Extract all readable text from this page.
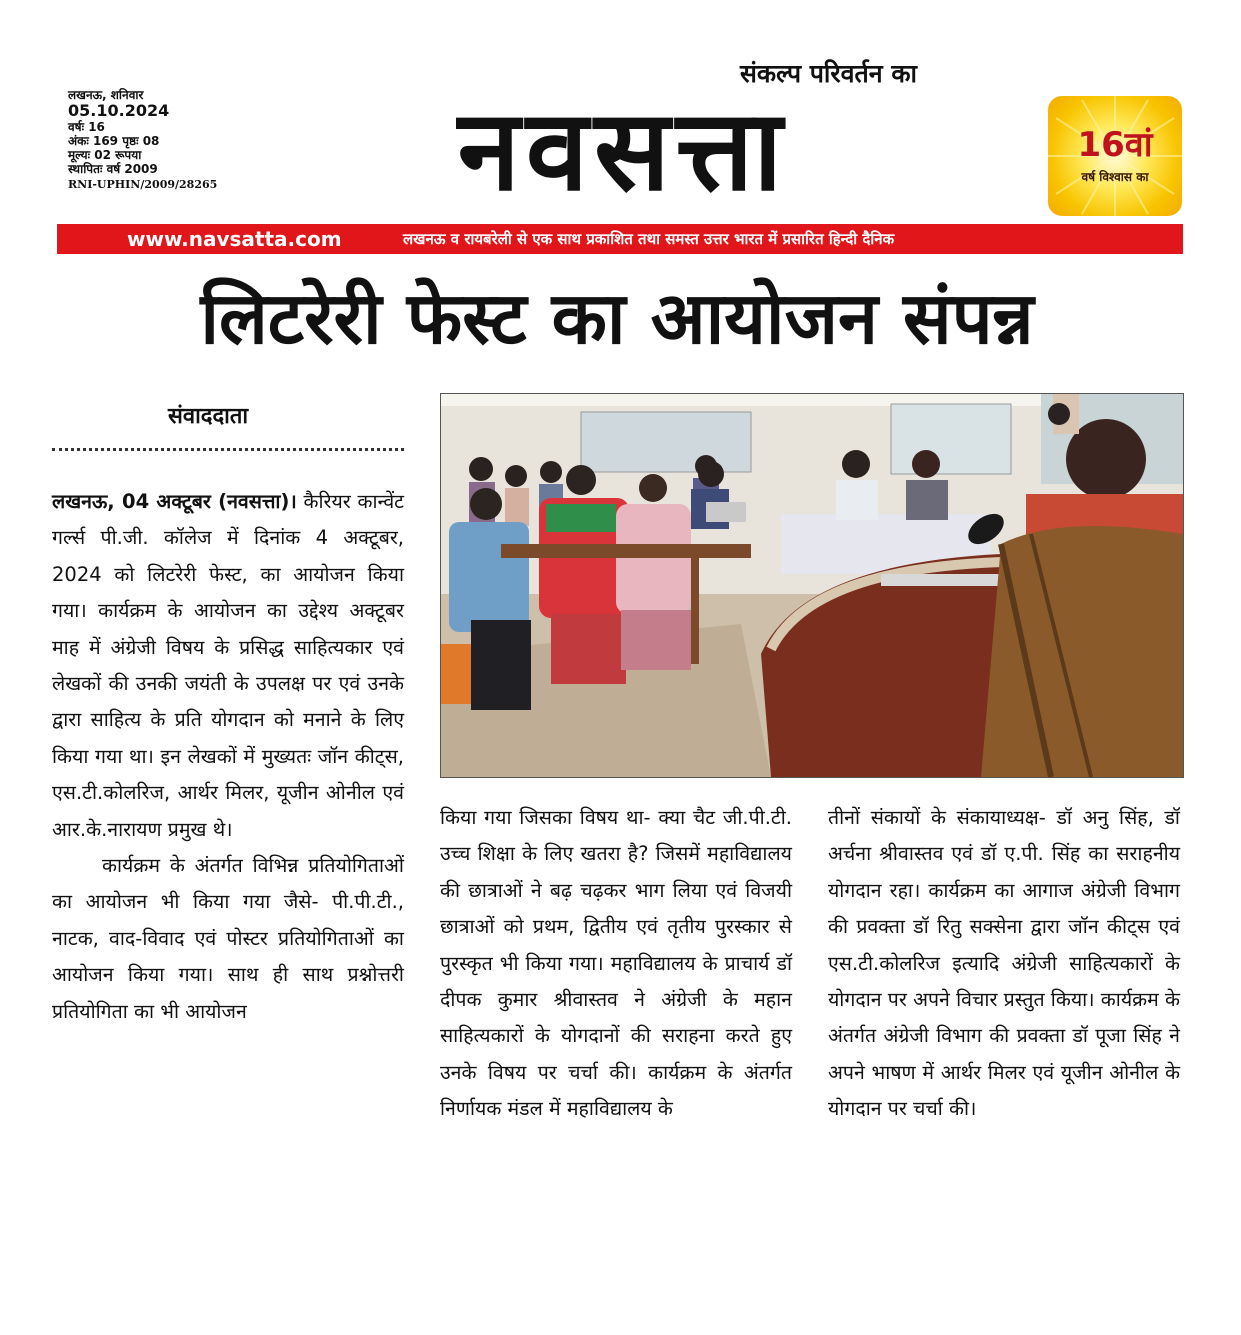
लखनऊ, शनिवार
05.10.2024
वर्षः 16
अंकः 169 पृष्ठः 08
मूल्यः 02 रूपया
स्थापितः वर्ष 2009
RNI-UPHIN/2009/28265
संकल्प परिवर्तन का
नवसत्ता	16वां
वर्ष विश्वास का
www.navsatta.com	लखनऊ व रायबरेली से एक साथ प्रकाशित तथा समस्त उत्तर भारत में प्रसारित हिन्दी दैनिक
लिटरेरी फेस्ट का आयोजन संपन्न
संवाददाता

लखनऊ, 04 अक्टूबर (नवसत्ता)। कैरियर कान्वेंट गर्ल्स पी.जी. कॉलेज में दिनांक 4 अक्टूबर, 2024 को लिटरेरी फेस्ट, का आयोजन किया गया। कार्यक्रम के आयोजन का उद्देश्य अक्टूबर माह में अंग्रेजी विषय के प्रसिद्ध साहित्यकार एवं लेखकों की उनकी जयंती के उपलक्ष पर एवं उनके द्वारा साहित्य के प्रति योगदान को मनाने के लिए किया गया था। इन लेखकों में मुख्यतः जॉन कीट्स, एस.टी.कोलरिज, आर्थर मिलर, यूजीन ओनील एवं आर.के.नारायण प्रमुख थे।

कार्यक्रम के अंतर्गत विभिन्न प्रतियोगिताओं का आयोजन भी किया गया जैसे- पी.पी.टी., नाटक, वाद-विवाद एवं पोस्टर प्रतियोगिताओं का आयोजन किया गया। साथ ही साथ प्रश्नोत्तरी प्रतियोगिता का भी आयोजन

किया गया जिसका विषय था- क्या चैट जी.पी.टी. उच्च शिक्षा के लिए खतरा है? जिसमें महाविद्यालय की छात्राओं ने बढ़ चढ़कर भाग लिया एवं विजयी छात्राओं को प्रथम, द्वितीय एवं तृतीय पुरस्कार से पुरस्कृत भी किया गया। महाविद्यालय के प्राचार्य डॉ दीपक कुमार श्रीवास्तव ने अंग्रेजी के महान साहित्यकारों के योगदानों की सराहना करते हुए उनके विषय पर चर्चा की। कार्यक्रम के अंतर्गत निर्णायक मंडल में महाविद्यालय के
तीनों संकायों के संकायाध्यक्ष- डॉ अनु सिंह, डॉ अर्चना श्रीवास्तव एवं डॉ ए.पी. सिंह का सराहनीय योगदान रहा। कार्यक्रम का आगाज अंग्रेजी विभाग की प्रवक्ता डॉ रितु सक्सेना द्वारा जॉन कीट्स एवं एस.टी.कोलरिज इत्यादि अंग्रेजी साहित्यकारों के योगदान पर अपने विचार प्रस्तुत किया। कार्यक्रम के अंतर्गत अंग्रेजी विभाग की प्रवक्ता डॉ पूजा सिंह ने अपने भाषण में आर्थर मिलर एवं यूजीन ओनील के योगदान पर चर्चा की।
